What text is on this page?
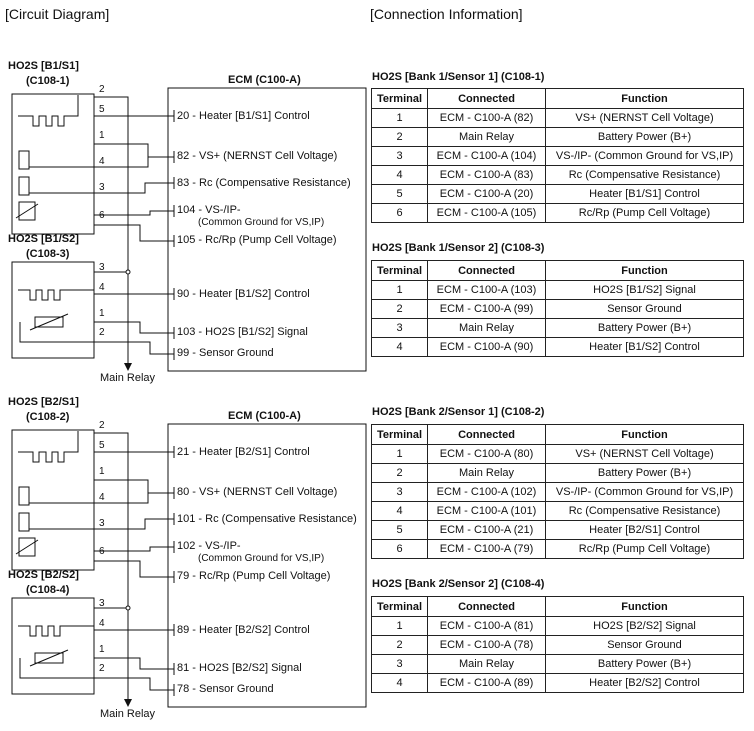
[Circuit Diagram]	[Connection Information]
HO2S [B1/S1]
(C108-1)
HO2S [B1/S2]
(C108-3)
ECM (C100-A)
2
5
1
4
3
6
3
4
1
2
20 - Heater [B1/S1] Control
82 - VS+ (NERNST Cell Voltage)
83 - Rc (Compensative Resistance)
104 - VS-/IP-
(Common Ground for VS,IP)
105 - Rc/Rp (Pump Cell Voltage)
90 - Heater [B1/S2] Control
103 - HO2S [B1/S2] Signal
99 - Sensor Ground
Main Relay
HO2S [B2/S1]
(C108-2)
HO2S [B2/S2]
(C108-4)
ECM (C100-A)
2
5
1
4
3
6
3
4
1
2
21 - Heater [B2/S1] Control
80 - VS+ (NERNST Cell Voltage)
101 - Rc (Compensative Resistance)
102 - VS-/IP-
(Common Ground for VS,IP)
79 - Rc/Rp (Pump Cell Voltage)
89 - Heater [B2/S2] Control
81 - HO2S [B2/S2] Signal
78 - Sensor Ground
Main Relay
HO2S [Bank 1/Sensor 1] (C108-1)
Terminal	Connected	Function
1	ECM - C100-A (82)	VS+ (NERNST Cell Voltage)
2	Main Relay	Battery Power (B+)
3	ECM - C100-A (104)	VS-/IP- (Common Ground for VS,IP)
4	ECM - C100-A (83)	Rc (Compensative Resistance)
5	ECM - C100-A (20)	Heater [B1/S1] Control
6	ECM - C100-A (105)	Rc/Rp (Pump Cell Voltage)
HO2S [Bank 1/Sensor 2] (C108-3)
Terminal	Connected	Function
1	ECM - C100-A (103)	HO2S [B1/S2] Signal
2	ECM - C100-A (99)	Sensor Ground
3	Main Relay	Battery Power (B+)
4	ECM - C100-A (90)	Heater [B1/S2] Control
HO2S [Bank 2/Sensor 1] (C108-2)
Terminal	Connected	Function
1	ECM - C100-A (80)	VS+ (NERNST Cell Voltage)
2	Main Relay	Battery Power (B+)
3	ECM - C100-A (102)	VS-/IP- (Common Ground for VS,IP)
4	ECM - C100-A (101)	Rc (Compensative Resistance)
5	ECM - C100-A (21)	Heater [B2/S1] Control
6	ECM - C100-A (79)	Rc/Rp (Pump Cell Voltage)
HO2S [Bank 2/Sensor 2] (C108-4)
Terminal	Connected	Function
1	ECM - C100-A (81)	HO2S [B2/S2] Signal
2	ECM - C100-A (78)	Sensor Ground
3	Main Relay	Battery Power (B+)
4	ECM - C100-A (89)	Heater [B2/S2] Control
